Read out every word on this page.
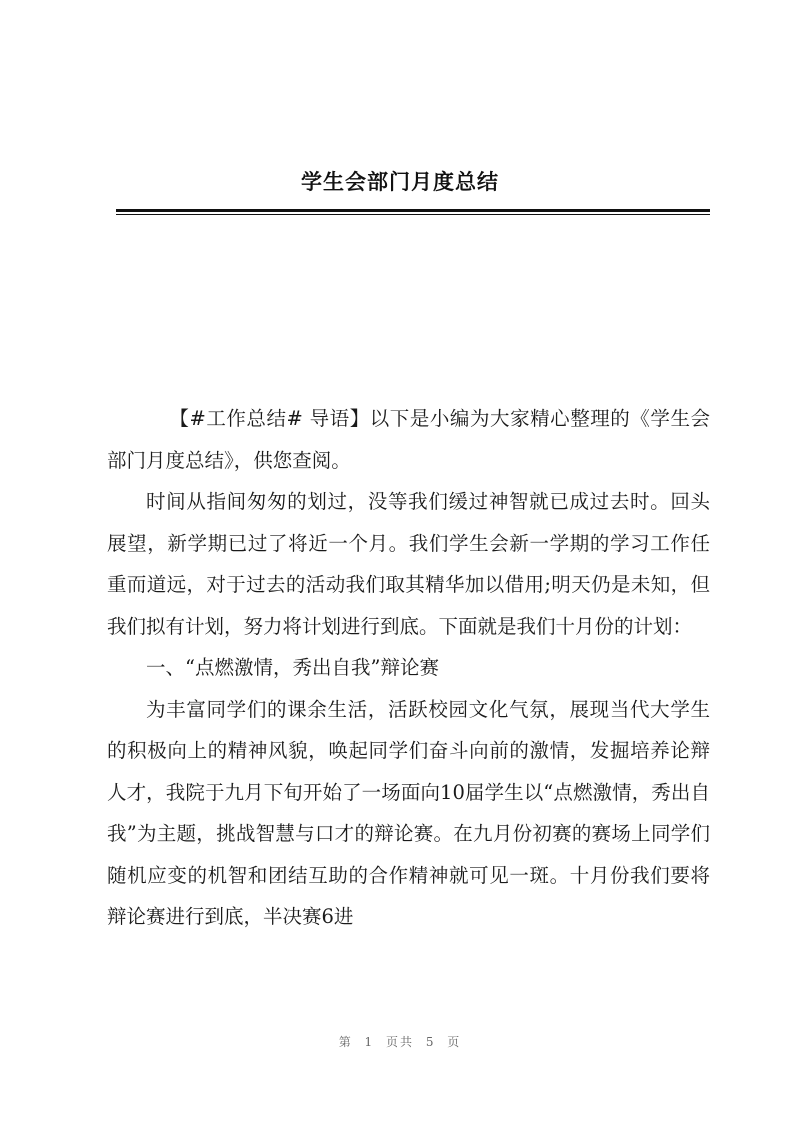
学生会部门月度总结

【#工作总结# 导语】以下是小编为大家精心整理的《学生会部门月度总结》，供您查阅。

时间从指间匆匆的划过，没等我们缓过神智就已成过去时。回头展望，新学期已过了将近一个月。我们学生会新一学期的学习工作任重而道远，对于过去的活动我们取其精华加以借用;明天仍是未知，但我们拟有计划，努力将计划进行到底。下面就是我们十月份的计划：

一、“点燃激情，秀出自我”辩论赛

为丰富同学们的课余生活，活跃校园文化气氛，展现当代大学生的积极向上的精神风貌，唤起同学们奋斗向前的激情，发掘培养论辩人才，我院于九月下旬开始了一场面向10届学生以“点燃激情，秀出自我”为主题，挑战智慧与口才的辩论赛。在九月份初赛的赛场上同学们随机应变的机智和团结互助的合作精神就可见一斑。十月份我们要将辩论赛进行到底，半决赛6进

第 1 页共 5 页
